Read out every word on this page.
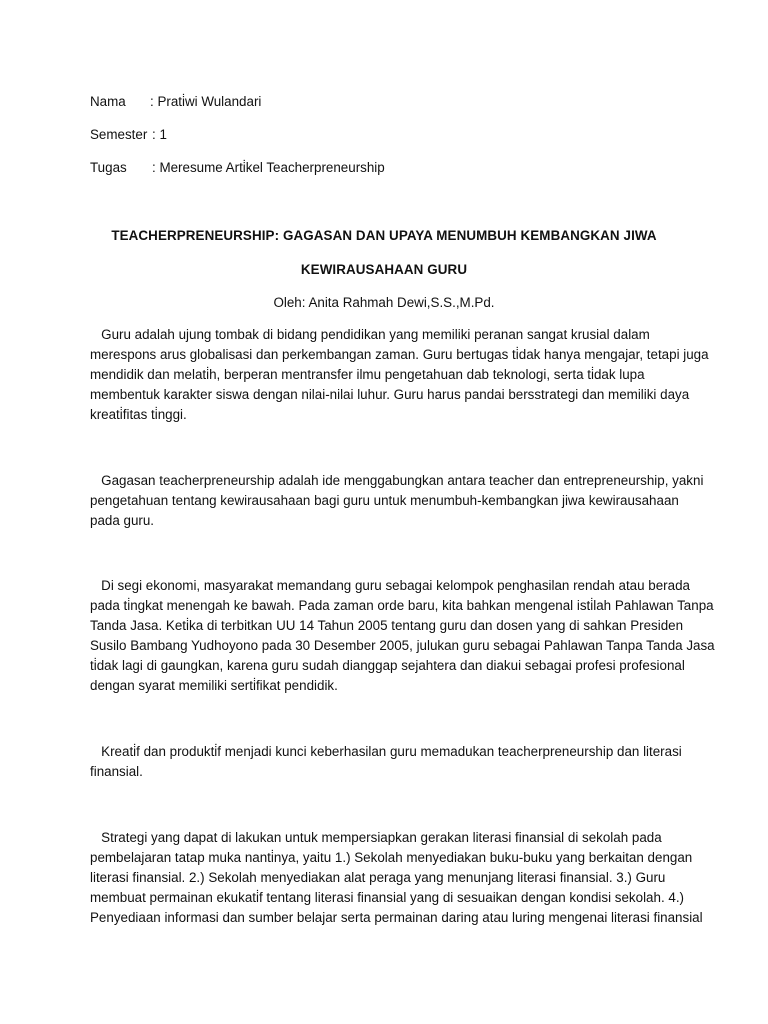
Nama : Prati̇wi Wulandari
Semester : 1
Tugas : Meresume Arti̇kel Teacherpreneurship
TEACHERPRENEURSHIP: GAGASAN DAN UPAYA MENUMBUH KEMBANGKAN JIWA
KEWIRAUSAHAAN GURU
Oleh: Anita Rahmah Dewi,S.S.,M.Pd.
Guru adalah ujung tombak di bidang pendidikan yang memiliki peranan sangat krusial dalam
merespons arus globalisasi dan perkembangan zaman. Guru bertugas ti̇dak hanya mengajar, tetapi juga
mendidik dan melati̇h, berperan mentransfer ilmu pengetahuan dab teknologi, serta ti̇dak lupa
membentuk karakter siswa dengan nilai-nilai luhur. Guru harus pandai bersstrategi dan memiliki daya
kreati̇fitas ti̇nggi.
Gagasan teacherpreneurship adalah ide menggabungkan antara teacher dan entrepreneurship, yakni
pengetahuan tentang kewirausahaan bagi guru untuk menumbuh-kembangkan jiwa kewirausahaan
pada guru.
Di segi ekonomi, masyarakat memandang guru sebagai kelompok penghasilan rendah atau berada
pada ti̇ngkat menengah ke bawah. Pada zaman orde baru, kita bahkan mengenal isti̇lah Pahlawan Tanpa
Tanda Jasa. Keti̇ka di terbitkan UU 14 Tahun 2005 tentang guru dan dosen yang di sahkan Presiden
Susilo Bambang Yudhoyono pada 30 Desember 2005, julukan guru sebagai Pahlawan Tanpa Tanda Jasa
ti̇dak lagi di gaungkan, karena guru sudah dianggap sejahtera dan diakui sebagai profesi profesional
dengan syarat memiliki serti̇fikat pendidik.
Kreati̇f dan produkti̇f menjadi kunci keberhasilan guru memadukan teacherpreneurship dan literasi
finansial.
Strategi yang dapat di lakukan untuk mempersiapkan gerakan literasi finansial di sekolah pada
pembelajaran tatap muka nanti̇nya, yaitu 1.) Sekolah menyediakan buku-buku yang berkaitan dengan
literasi finansial. 2.) Sekolah menyediakan alat peraga yang menunjang literasi finansial. 3.) Guru
membuat permainan ekukati̇f tentang literasi finansial yang di sesuaikan dengan kondisi sekolah. 4.)
Penyediaan informasi dan sumber belajar serta permainan daring atau luring mengenai literasi finansial
